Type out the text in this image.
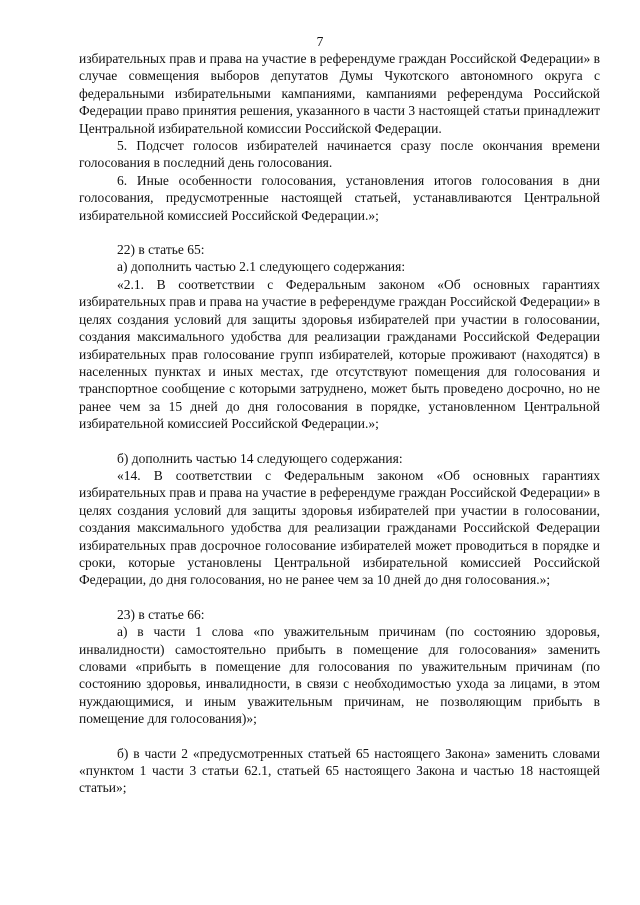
7

избирательных прав и права на участие в референдуме граждан Российской Федерации» в случае совмещения выборов депутатов Думы Чукотского автономного округа с федеральными избирательными кампаниями, кампаниями референдума Российской Федерации право принятия решения, указанного в части 3 настоящей статьи принадлежит Центральной избирательной комиссии Российской Федерации.

5. Подсчет голосов избирателей начинается сразу после окончания времени голосования в последний день голосования.

6. Иные особенности голосования, установления итогов голосования в дни голосования, предусмотренные настоящей статьей, устанавливаются Центральной избирательной комиссией Российской Федерации.»;

22) в статье 65:

а) дополнить частью 2.1 следующего содержания:

«2.1. В соответствии с Федеральным законом «Об основных гарантиях избирательных прав и права на участие в референдуме граждан Российской Федерации» в целях создания условий для защиты здоровья избирателей при участии в голосовании, создания максимального удобства для реализации гражданами Российской Федерации избирательных прав голосование групп избирателей, которые проживают (находятся) в населенных пунктах и иных местах, где отсутствуют помещения для голосования и транспортное сообщение с которыми затруднено, может быть проведено досрочно, но не ранее чем за 15 дней до дня голосования в порядке, установленном Центральной избирательной комиссией Российской Федерации.»;

б) дополнить частью 14 следующего содержания:

«14. В соответствии с Федеральным законом «Об основных гарантиях избирательных прав и права на участие в референдуме граждан Российской Федерации» в целях создания условий для защиты здоровья избирателей при участии в голосовании, создания максимального удобства для реализации гражданами Российской Федерации избирательных прав досрочное голосование избирателей может проводиться в порядке и сроки, которые установлены Центральной избирательной комиссией Российской Федерации, до дня голосования, но не ранее чем за 10 дней до дня голосования.»;

23) в статье 66:

а) в части 1 слова «по уважительным причинам (по состоянию здоровья, инвалидности) самостоятельно прибыть в помещение для голосования» заменить словами «прибыть в помещение для голосования по уважительным причинам (по состоянию здоровья, инвалидности, в связи с необходимостью ухода за лицами, в этом нуждающимися, и иным уважительным причинам, не позволяющим прибыть в помещение для голосования)»;

б) в части 2 «предусмотренных статьей 65 настоящего Закона» заменить словами «пунктом 1 части 3 статьи 62.1, статьей 65 настоящего Закона и частью 18 настоящей статьи»;
